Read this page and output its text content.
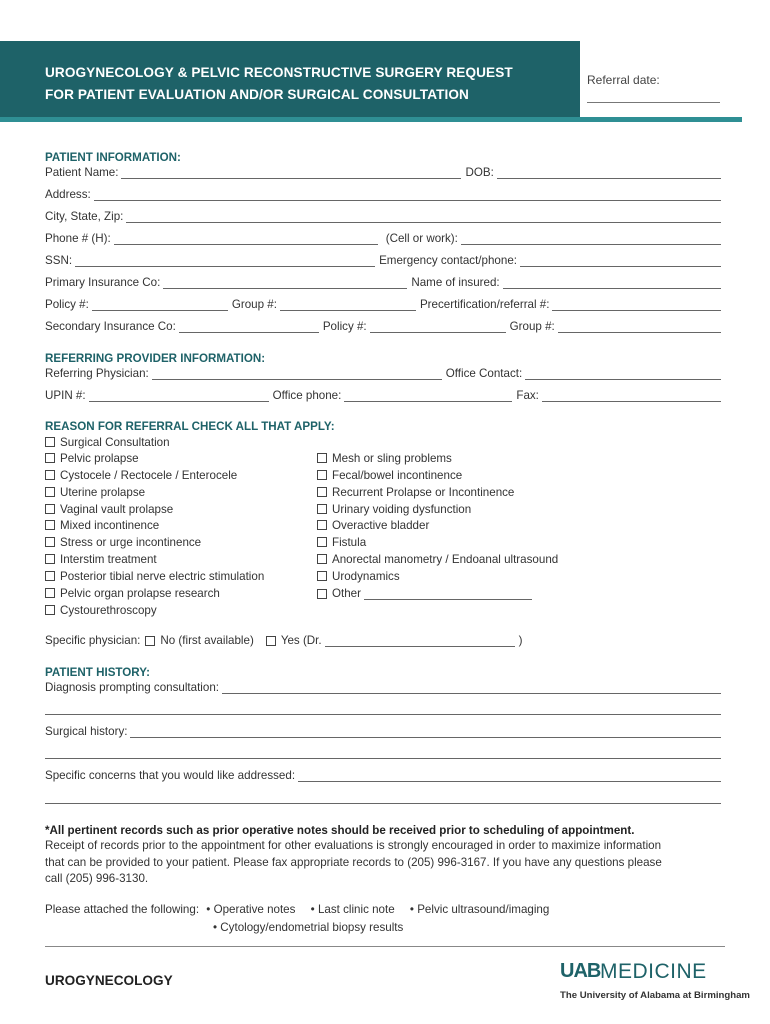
UROGYNECOLOGY & PELVIC RECONSTRUCTIVE SURGERY REQUEST
FOR PATIENT EVALUATION AND/OR SURGICAL CONSULTATION
Referral date:
PATIENT INFORMATION:
Patient Name:	DOB:
Address:
City, State, Zip:
Phone # (H):	(Cell or work):
SSN:	Emergency contact/phone:
Primary Insurance Co:	Name of insured:
Policy #:	Group #:	Precertification/referral #:
Secondary Insurance Co:	Policy #:	Group #:
REFERRING PROVIDER INFORMATION:
Referring Physician:	Office Contact:
UPIN #:	Office phone:	Fax:
REASON FOR REFERRAL CHECK ALL THAT APPLY:
Surgical Consultation
Pelvic prolapse
Cystocele / Rectocele / Enterocele
Uterine prolapse
Vaginal vault prolapse
Mixed incontinence
Stress or urge incontinence
Interstim treatment
Posterior tibial nerve electric stimulation
Pelvic organ prolapse research
Cystourethroscopy
Mesh or sling problems
Fecal/bowel incontinence
Recurrent Prolapse or Incontinence
Urinary voiding dysfunction
Overactive bladder
Fistula
Anorectal manometry / Endoanal ultrasound
Urodynamics
Other
Specific physician: No (first available) Yes (Dr.	)
PATIENT HISTORY:
Diagnosis prompting consultation:
Surgical history:
Specific concerns that you would like addressed:
*All pertinent records such as prior operative notes should be received prior to scheduling of appointment.
Receipt of records prior to the appointment for other evaluations is strongly encouraged in order to maximize information that can be provided to your patient. Please fax appropriate records to (205) 996-3167. If you have any questions please call (205) 996-3130.
Please attached the following: • Operative notes • Last clinic note • Pelvic ultrasound/imaging
• Cytology/endometrial biopsy results
UROGYNECOLOGY	UAB MEDICINE
The University of Alabama at Birmingham
